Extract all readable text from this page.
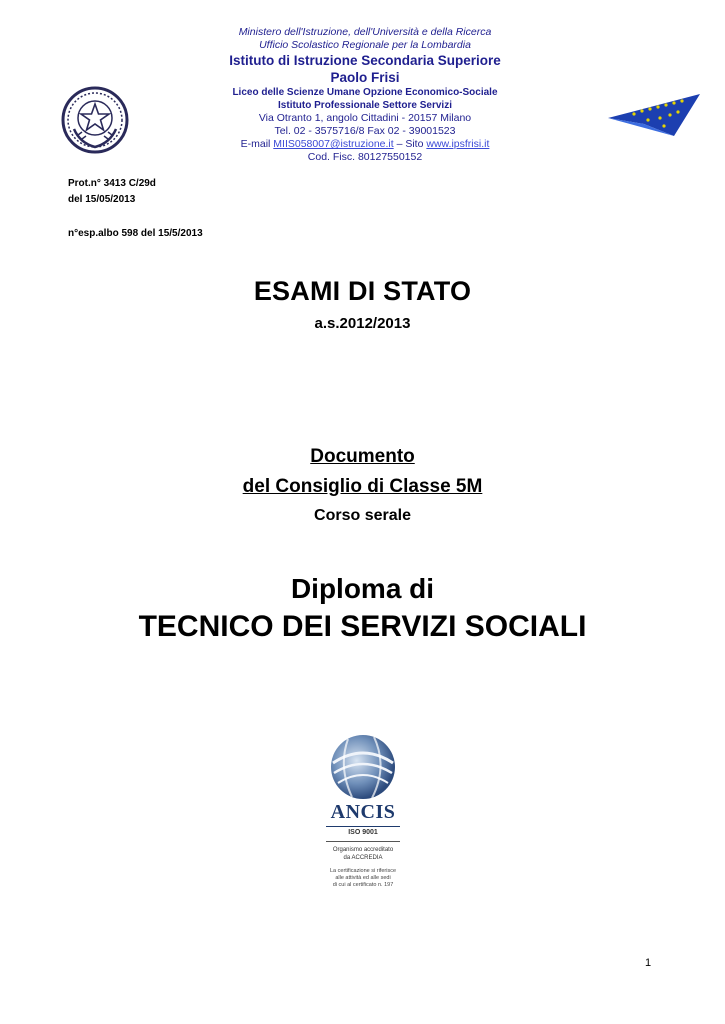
Ministero dell'Istruzione, dell'Università e della Ricerca
Ufficio Scolastico Regionale per la Lombardia
Istituto di Istruzione Secondaria Superiore
Paolo Frisi
Liceo delle Scienze Umane Opzione Economico-Sociale
Istituto Professionale Settore Servizi
Via Otranto 1, angolo Cittadini - 20157 Milano
Tel. 02 - 3575716/8 Fax 02 - 39001523
E-mail MIIS058007@istruzione.it – Sito www.ipsfrisi.it
Cod. Fisc. 80127550152
Prot.n° 3413 C/29d
del 15/05/2013
n°esp.albo 598 del 15/5/2013
ESAMI DI STATO
a.s.2012/2013
Documento
del Consiglio di Classe 5M
Corso serale
Diploma di
TECNICO DEI SERVIZI SOCIALI
ANCIS
ISO 9001
Organismo accreditato
da ACCREDIA
La certificazione si riferisce
alle attività ed alle sedi
di cui al certificato n. 197
1
